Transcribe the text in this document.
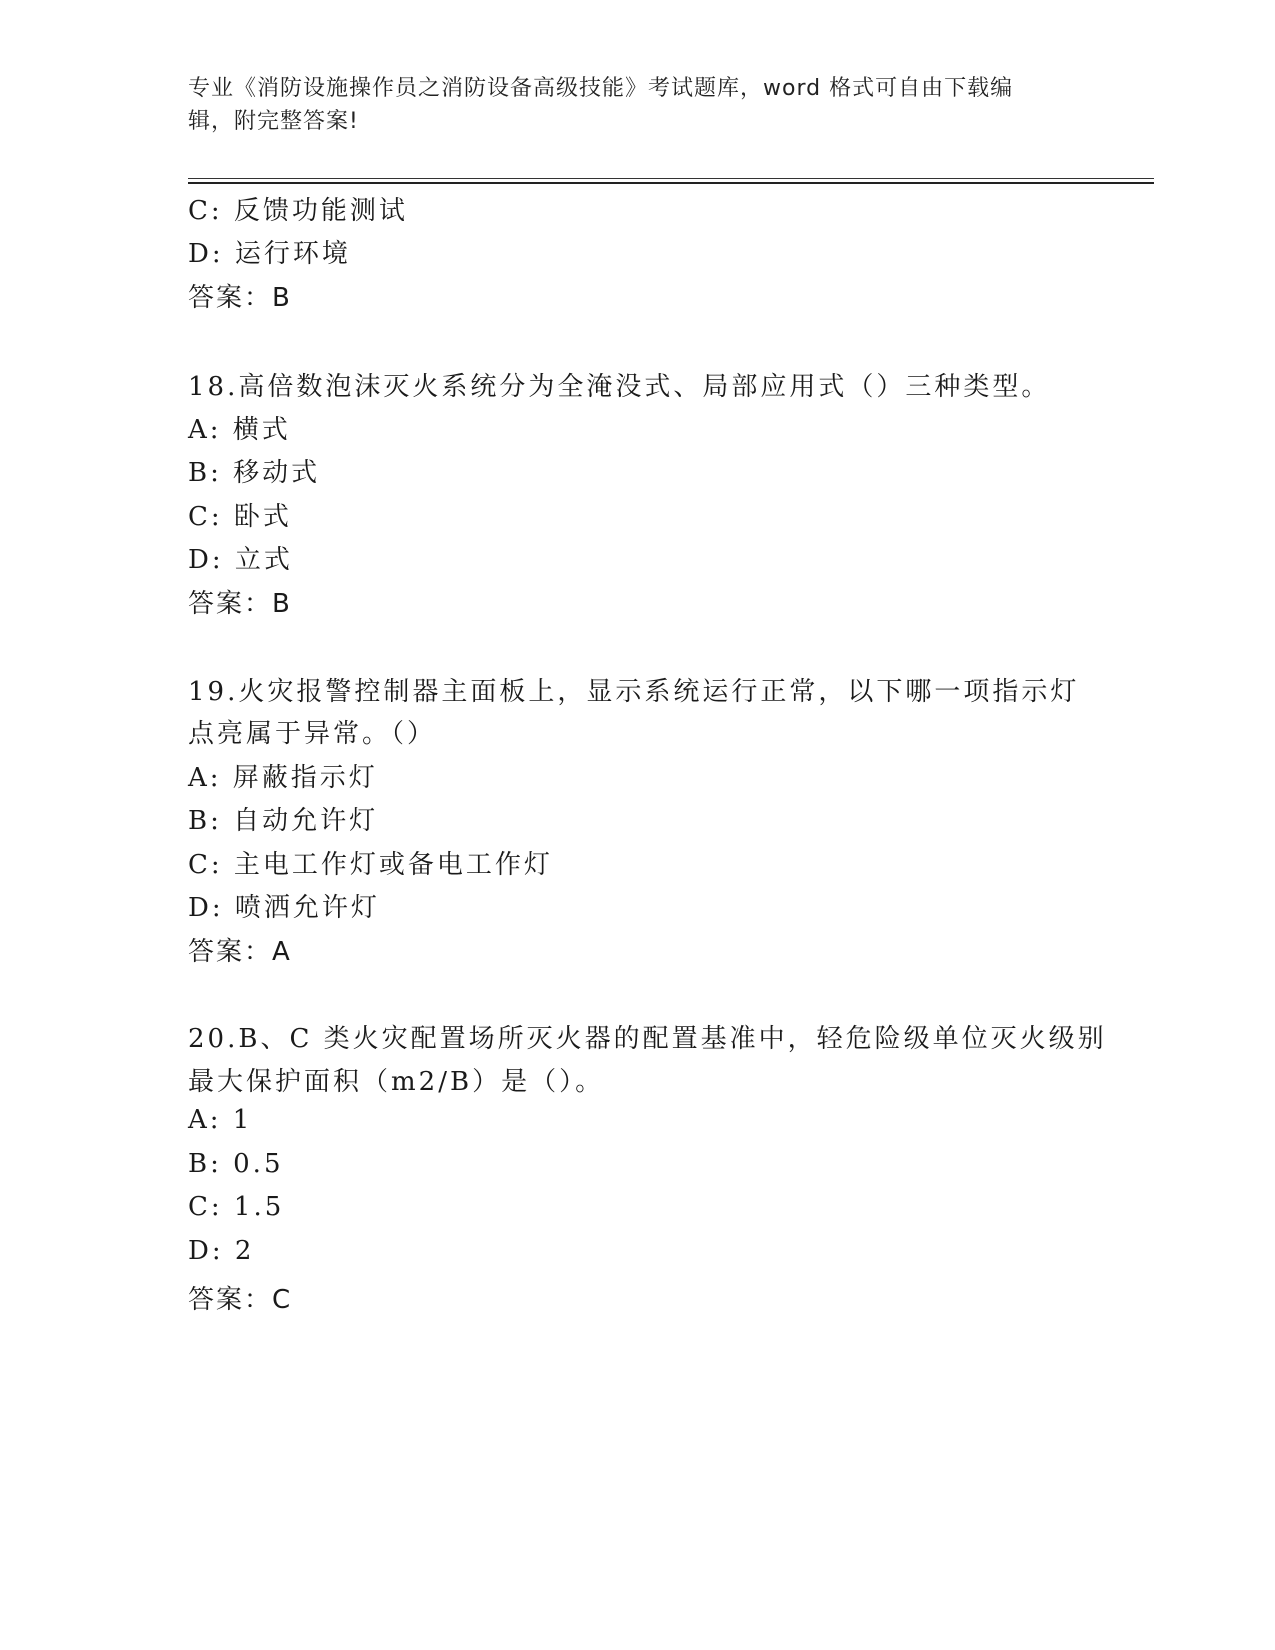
专业《消防设施操作员之消防设备高级技能》考试题库，word 格式可自由下载编
辑，附完整答案!
C: 反馈功能测试
D: 运行环境
答案：B
18.高倍数泡沫灭火系统分为全淹没式、局部应用式（）三种类型。
A: 横式
B: 移动式
C: 卧式
D: 立式
答案：B
19.火灾报警控制器主面板上，显示系统运行正常，以下哪一项指示灯
点亮属于异常。（）
A: 屏蔽指示灯
B: 自动允许灯
C: 主电工作灯或备电工作灯
D: 喷洒允许灯
答案：A
20.B、C 类火灾配置场所灭火器的配置基准中，轻危险级单位灭火级别
最大保护面积（m2/B）是（）。
A: 1
B: 0.5
C: 1.5
D: 2
答案：C
